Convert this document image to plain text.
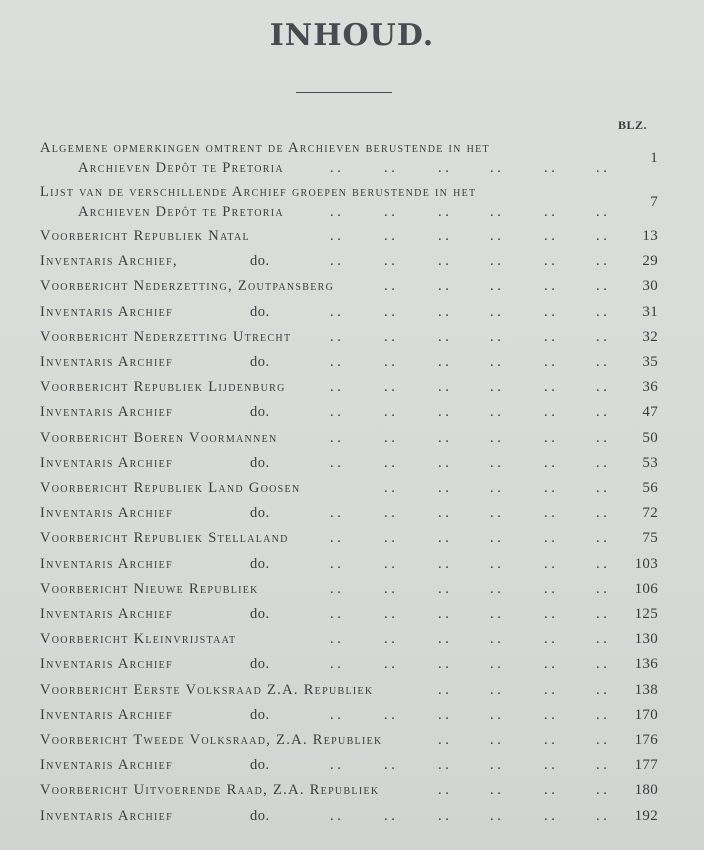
INHOUD.
BLZ.
Algemene opmerkingen omtrent de Archieven berustende in het
Archieven Depôt te Pretoria	. .	. .	. .	. .	. .	. .
1
Lijst van de verschillende Archief groepen berustende in het
Archieven Depôt te Pretoria	. .	. .	. .	. .	. .	. .
7
Voorbericht Republiek Natal	. .	. .	. .	. .	. .	. . 13
Inventaris Archief,	do.	. .	. .	. .	. .	. .	. . 29
Voorbericht Nederzetting, Zoutpansberg	. .	. .	. .	. .	. . 30
Inventaris Archief	do.	. .	. .	. .	. .	. .	. . 31
Voorbericht Nederzetting Utrecht	. .	. .	. .	. .	. .	. . 32
Inventaris Archief	do.	. .	. .	. .	. .	. .	. . 35
Voorbericht Republiek Lijdenburg	. .	. .	. .	. .	. .	. . 36
Inventaris Archief	do.	. .	. .	. .	. .	. .	. . 47
Voorbericht Boeren Voormannen	. .	. .	. .	. .	. .	. . 50
Inventaris Archief	do.	. .	. .	. .	. .	. .	. . 53
Voorbericht Republiek Land Goosen	. .	. .	. .	. .	. . 56
Inventaris Archief	do.	. .	. .	. .	. .	. .	. . 72
Voorbericht Republiek Stellaland	. .	. .	. .	. .	. .	. . 75
Inventaris Archief	do.	. .	. .	. .	. .	. .	. . 103
Voorbericht Nieuwe Republiek	. .	. .	. .	. .	. .	. . 106
Inventaris Archief	do.	. .	. .	. .	. .	. .	. . 125
Voorbericht Kleinvrijstaat	. .	. .	. .	. .	. .	. . 130
Inventaris Archief	do.	. .	. .	. .	. .	. .	. . 136
Voorbericht Eerste Volksraad Z.A. Republiek	. .	. .	. .	. . 138
Inventaris Archief	do.	. .	. .	. .	. .	. .	. . 170
Voorbericht Tweede Volksraad, Z.A. Republiek	. .	. .	. .	. . 176
Inventaris Archief	do.	. .	. .	. .	. .	. .	. . 177
Voorbericht Uitvoerende Raad, Z.A. Republiek	. .	. .	. .	. . 180
Inventaris Archief	do.	. .	. .	. .	. .	. .	. . 192
